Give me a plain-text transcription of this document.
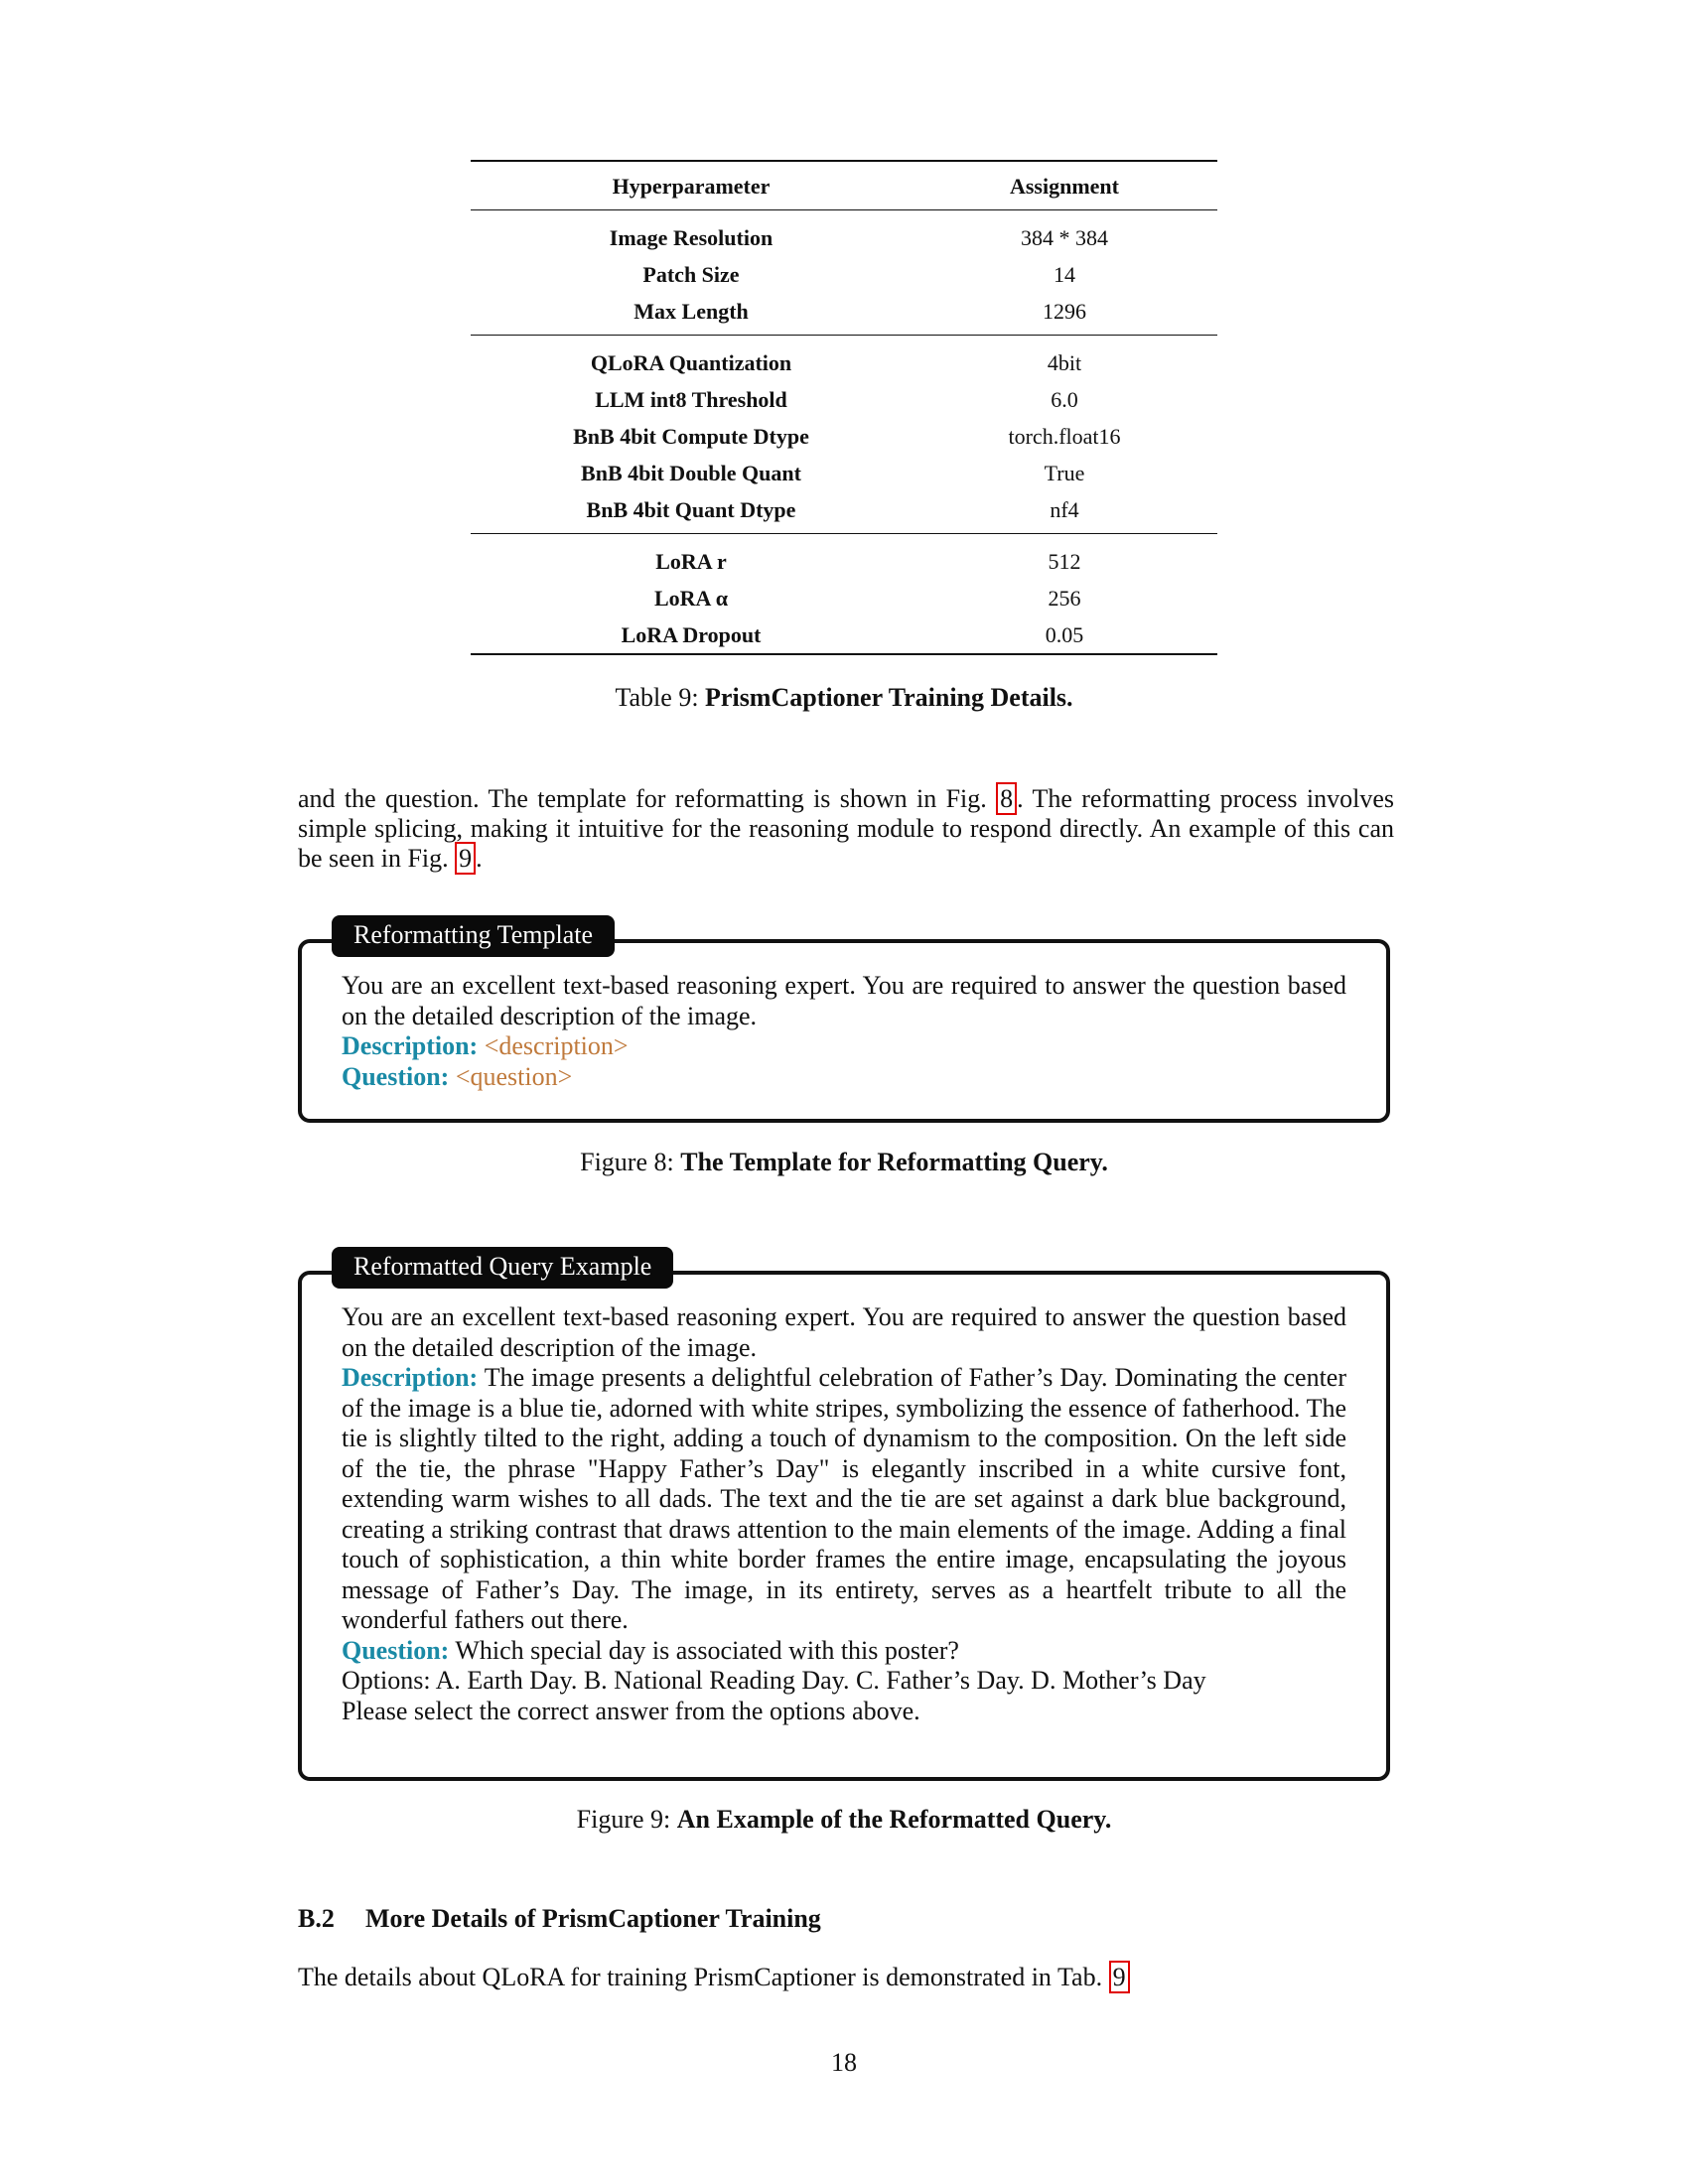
Hyperparameter	Assignment
Image Resolution	384 * 384
Patch Size	14
Max Length	1296
QLoRA Quantization	4bit
LLM int8 Threshold	6.0
BnB 4bit Compute Dtype	torch.float16
BnB 4bit Double Quant	True
BnB 4bit Quant Dtype	nf4
LoRA r	512
LoRA α	256
LoRA Dropout	0.05
Table 9: PrismCaptioner Training Details.
and the question. The template for reformatting is shown in Fig. 8 . The reformatting process involves simple splicing, making it intuitive for the reasoning module to respond directly. An example of this can be seen in Fig. 9 .
Reformatting Template
You are an excellent text-based reasoning expert. You are required to answer the question based on the detailed description of the image.
Description: <description>
Question: <question>
Figure 8: The Template for Reformatting Query.
Reformatted Query Example
You are an excellent text-based reasoning expert. You are required to answer the question based on the detailed description of the image.
Description: The image presents a delightful celebration of Father’s Day. Dominating the center of the image is a blue tie, adorned with white stripes, symbolizing the essence of fatherhood. The tie is slightly tilted to the right, adding a touch of dynamism to the composition. On the left side of the tie, the phrase "Happy Father’s Day" is elegantly inscribed in a white cursive font, extending warm wishes to all dads. The text and the tie are set against a dark blue background, creating a striking contrast that draws attention to the main elements of the image. Adding a final touch of sophistication, a thin white border frames the entire image, encapsulating the joyous message of Father’s Day. The image, in its entirety, serves as a heartfelt tribute to all the wonderful fathers out there.
Question: Which special day is associated with this poster?
Options: A. Earth Day. B. National Reading Day. C. Father’s Day. D. Mother’s Day
Please select the correct answer from the options above.
Figure 9: An Example of the Reformatted Query.
B.2 More Details of PrismCaptioner Training
The details about QLoRA for training PrismCaptioner is demonstrated in Tab. 9
18
